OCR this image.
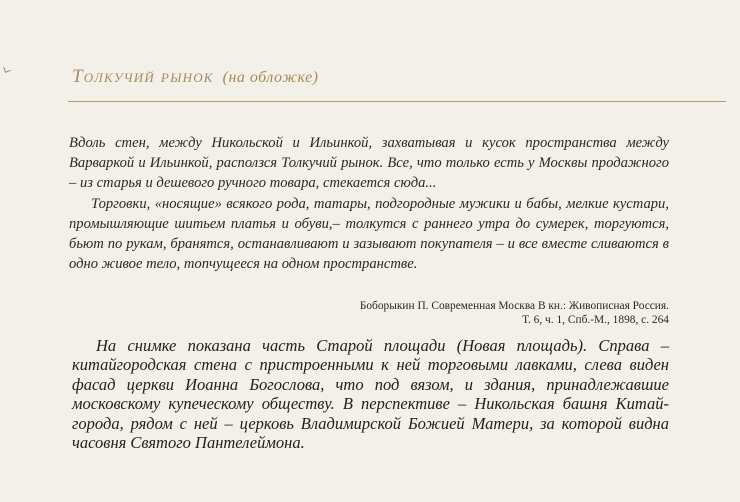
Толкучий рынок (на обложке)

Вдоль стен, между Никольской и Ильинкой, захватывая и кусок пространства между Варваркой и Ильинкой, расползся Толкучий рынок. Все, что только есть у Москвы продажного – из старья и дешевого ручного товара, стекается сюда...

Торговки, «носящие» всякого рода, татары, подгородные мужики и бабы, мелкие кустари, промышляющие шитьем платья и обуви,– толкутся с раннего утра до сумерек, торгуются, бьют по рукам, бранятся, останавливают и зазывают покупателя – и все вместе сливаются в одно живое тело, топчущееся на одном пространстве.

Боборыкин П. Современная Москва В кн.: Живописная Россия.

Т. 6, ч. 1, Спб.-М., 1898, с. 264

На снимке показана часть Старой площади (Новая площадь). Справа – китайгородская стена с пристроенными к ней торговыми лавками, слева виден фасад церкви Иоанна Богослова, что под вязом, и здания, принадлежавшие московскому купеческому обществу. В перспективе – Никольская башня Китай-города, рядом с ней – церковь Владимирской Божией Матери, за которой видна часовня Святого Пантелеймона.
